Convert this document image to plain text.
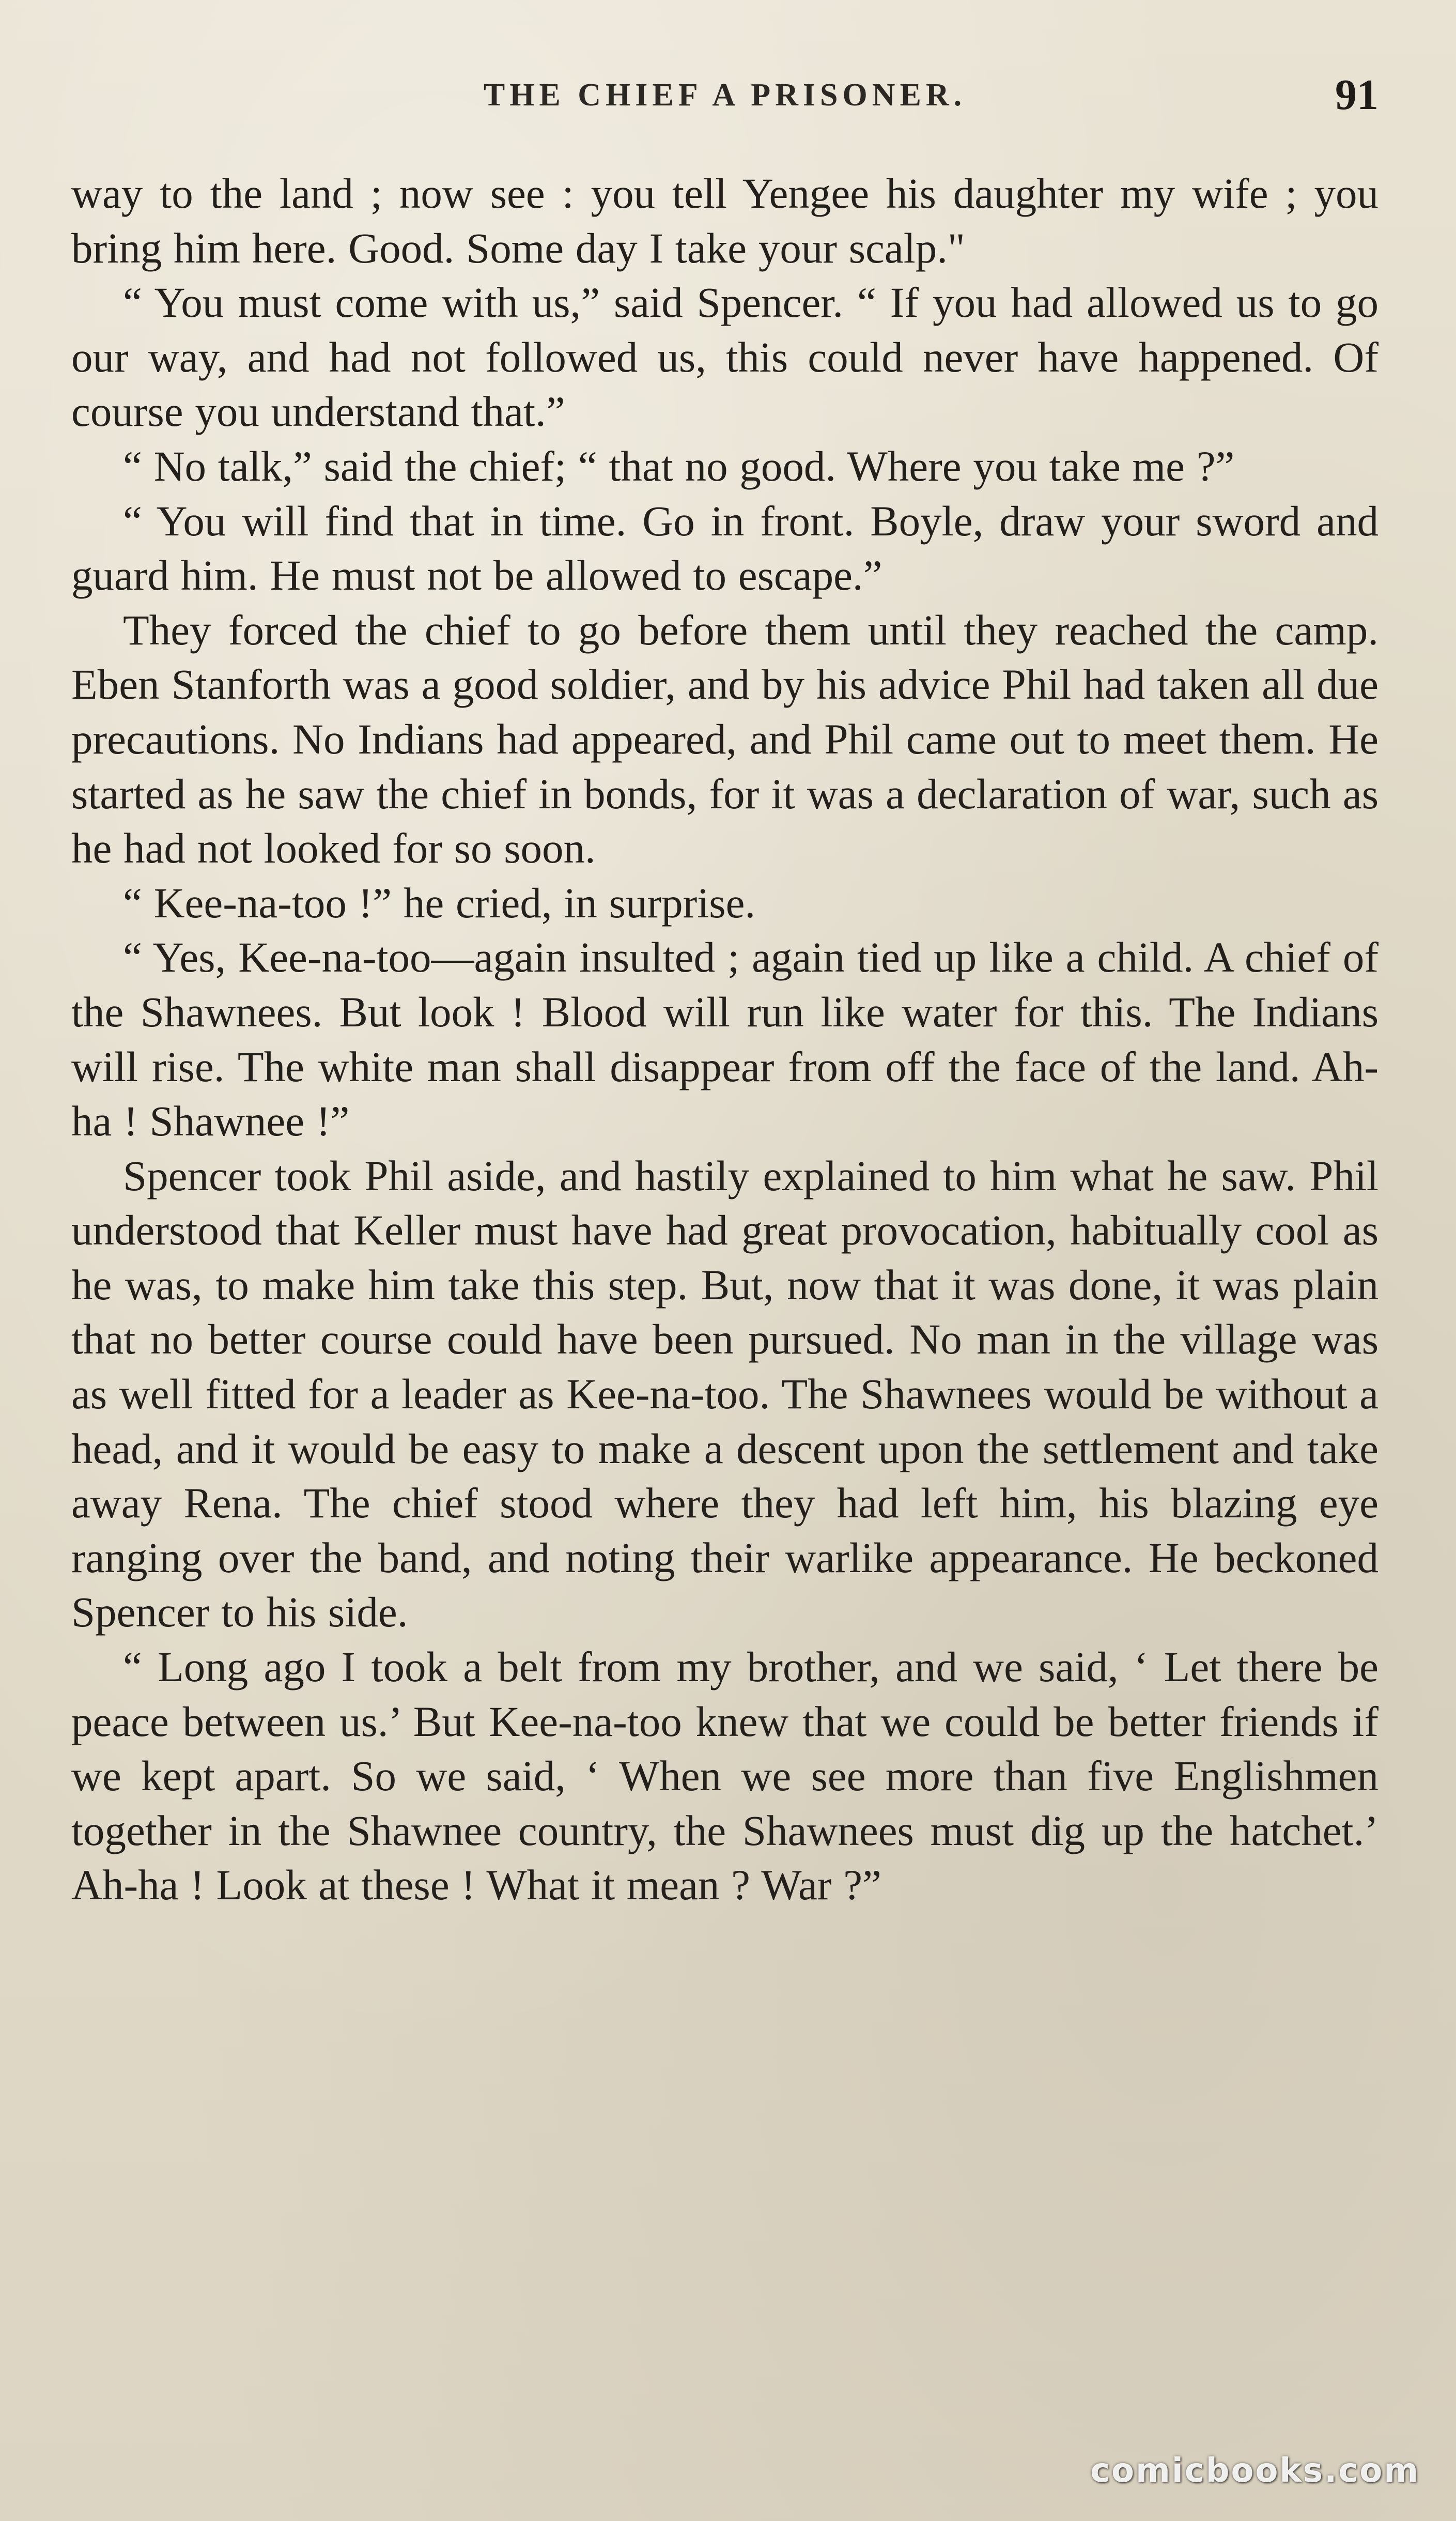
THE CHIEF A PRISONER.	91

way to the land ; now see : you tell Yengee his daughter my wife ; you bring him here. Good. Some day I take your scalp."

“ You must come with us,” said Spencer. “ If you had allowed us to go our way, and had not followed us, this could never have happened. Of course you understand that.”

“ No talk,” said the chief; “ that no good. Where you take me ?”

“ You will find that in time. Go in front. Boyle, draw your sword and guard him. He must not be allowed to escape.”

They forced the chief to go before them until they reached the camp. Eben Stanforth was a good soldier, and by his advice Phil had taken all due precautions. No Indians had appeared, and Phil came out to meet them. He started as he saw the chief in bonds, for it was a declaration of war, such as he had not looked for so soon.

“ Kee-na-too !” he cried, in surprise.

“ Yes, Kee-na-too—again insulted ; again tied up like a child. A chief of the Shawnees. But look ! Blood will run like water for this. The Indians will rise. The white man shall disappear from off the face of the land. Ah-ha ! Shawnee !”

Spencer took Phil aside, and hastily explained to him what he saw. Phil understood that Keller must have had great provocation, habitually cool as he was, to make him take this step. But, now that it was done, it was plain that no better course could have been pursued. No man in the village was as well fitted for a leader as Kee-na-too. The Shawnees would be without a head, and it would be easy to make a descent upon the settlement and take away Rena. The chief stood where they had left him, his blazing eye ranging over the band, and noting their warlike appearance. He beckoned Spencer to his side.

“ Long ago I took a belt from my brother, and we said, ‘ Let there be peace between us.’ But Kee-na-too knew that we could be better friends if we kept apart. So we said, ‘ When we see more than five Englishmen together in the Shawnee country, the Shawnees must dig up the hatchet.’ Ah-ha ! Look at these ! What it mean ? War ?”

comicbooks.com
